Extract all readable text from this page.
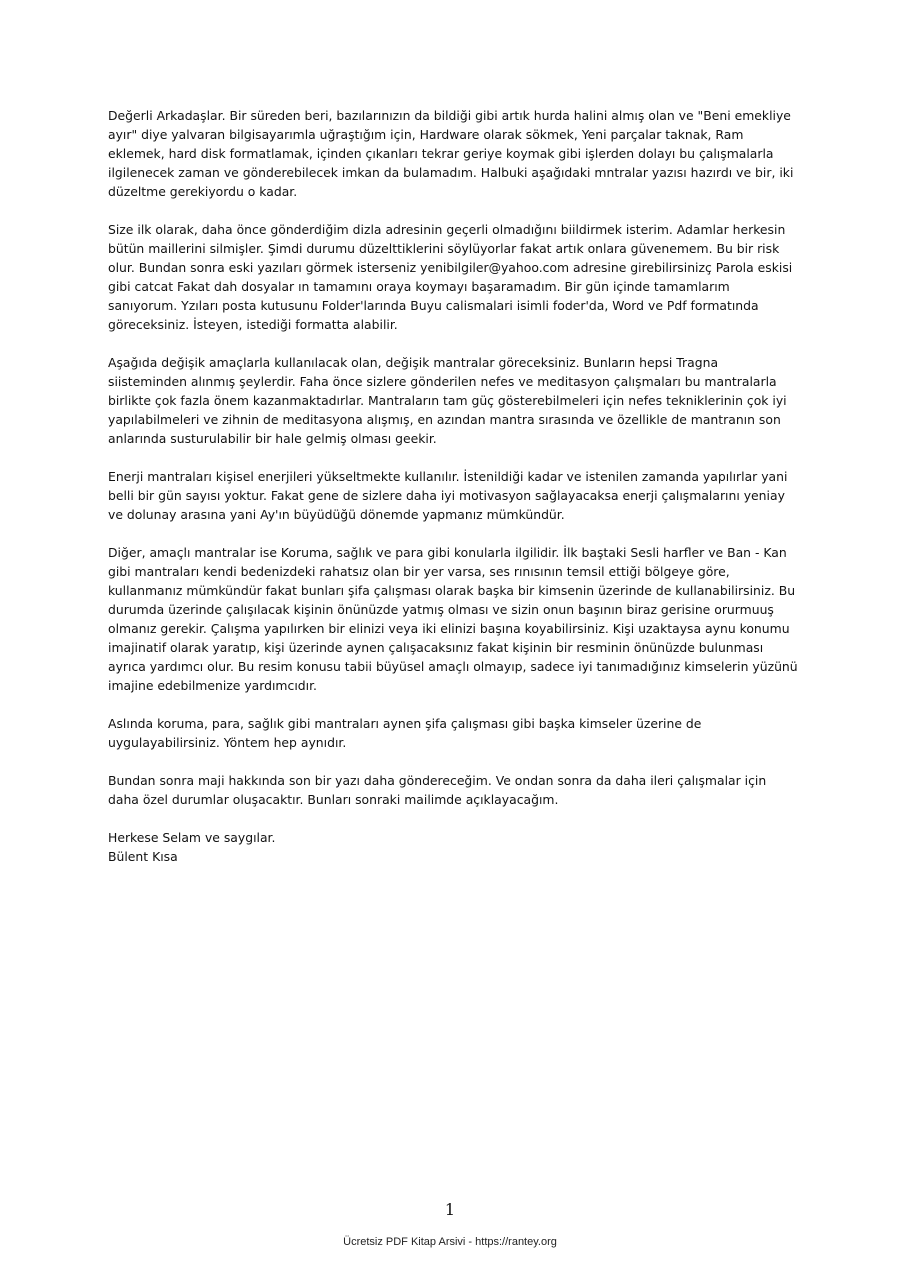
Değerli Arkadaşlar. Bir süreden beri, bazılarınızın da bildiği gibi artık hurda halini almış olan ve "Beni emekliye ayır" diye yalvaran bilgisayarımla uğraştığım için, Hardware olarak sökmek, Yeni parçalar taknak, Ram eklemek, hard disk formatlamak, içinden çıkanları tekrar geriye koymak gibi işlerden dolayı bu çalışmalarla ilgilenecek zaman ve gönderebilecek imkan da bulamadım. Halbuki aşağıdaki mntralar yazısı hazırdı ve bir, iki düzeltme gerekiyordu o kadar.

Size ilk olarak, daha önce gönderdiğim dizla adresinin geçerli olmadığını biildirmek isterim. Adamlar herkesin bütün maillerini silmişler. Şimdi durumu düzelttiklerini söylüyorlar fakat artık onlara güvenemem. Bu bir risk olur. Bundan sonra eski yazıları görmek isterseniz yenibilgiler@yahoo.com adresine girebilirsinizç Parola eskisi gibi catcat Fakat dah dosyalar ın tamamını oraya koymayı başaramadım. Bir gün içinde tamamlarım sanıyorum. Yzıları posta kutusunu Folder'larında Buyu calismalari isimli foder'da, Word ve Pdf formatında göreceksiniz. İsteyen, istediği formatta alabilir.

Aşağıda değişik amaçlarla kullanılacak olan, değişik mantralar göreceksiniz. Bunların hepsi Tragna siisteminden alınmış şeylerdir. Faha önce sizlere gönderilen nefes ve meditasyon çalışmaları bu mantralarla birlikte çok fazla önem kazanmaktadırlar. Mantraların tam güç gösterebilmeleri için nefes tekniklerinin çok iyi yapılabilmeleri ve zihnin de meditasyona alışmış, en azından mantra sırasında ve özellikle de mantranın son anlarında susturulabilir bir hale gelmiş olması geekir.

Enerji mantraları kişisel enerjileri yükseltmekte kullanılır. İstenildiği kadar ve istenilen zamanda yapılırlar yani belli bir gün sayısı yoktur. Fakat gene de sizlere daha iyi motivasyon sağlayacaksa enerji çalışmalarını yeniay ve dolunay arasına yani Ay'ın büyüdüğü dönemde yapmanız mümkündür.

Diğer, amaçlı mantralar ise Koruma, sağlık ve para gibi konularla ilgilidir. İlk baştaki Sesli harfler ve Ban - Kan gibi mantraları kendi bedenizdeki rahatsız olan bir yer varsa, ses rınısının temsil ettiği bölgeye göre, kullanmanız mümkündür fakat bunları şifa çalışması olarak başka bir kimsenin üzerinde de kullanabilirsiniz. Bu durumda üzerinde çalışılacak kişinin önünüzde yatmış olması ve sizin onun başının biraz gerisine orurmuuş olmanız gerekir. Çalışma yapılırken bir elinizi veya iki elinizi başına koyabilirsiniz. Kişi uzaktaysa aynu konumu imajinatif olarak yaratıp, kişi üzerinde aynen çalışacaksınız fakat kişinin bir resminin önünüzde bulunması ayrıca yardımcı olur. Bu resim konusu tabii büyüsel amaçlı olmayıp, sadece iyi tanımadığınız kimselerin yüzünü imajine edebilmenize yardımcıdır.

Aslında koruma, para, sağlık gibi mantraları aynen şifa çalışması gibi başka kimseler üzerine de uygulayabilirsiniz. Yöntem hep aynıdır.

Bundan sonra maji hakkında son bir yazı daha göndereceğim. Ve ondan sonra da daha ileri çalışmalar için daha özel durumlar oluşacaktır. Bunları sonraki mailimde açıklayacağım.

Herkese Selam ve saygılar.

Bülent Kısa

1
Ücretsiz PDF Kitap Arsivi - https://rantey.org
